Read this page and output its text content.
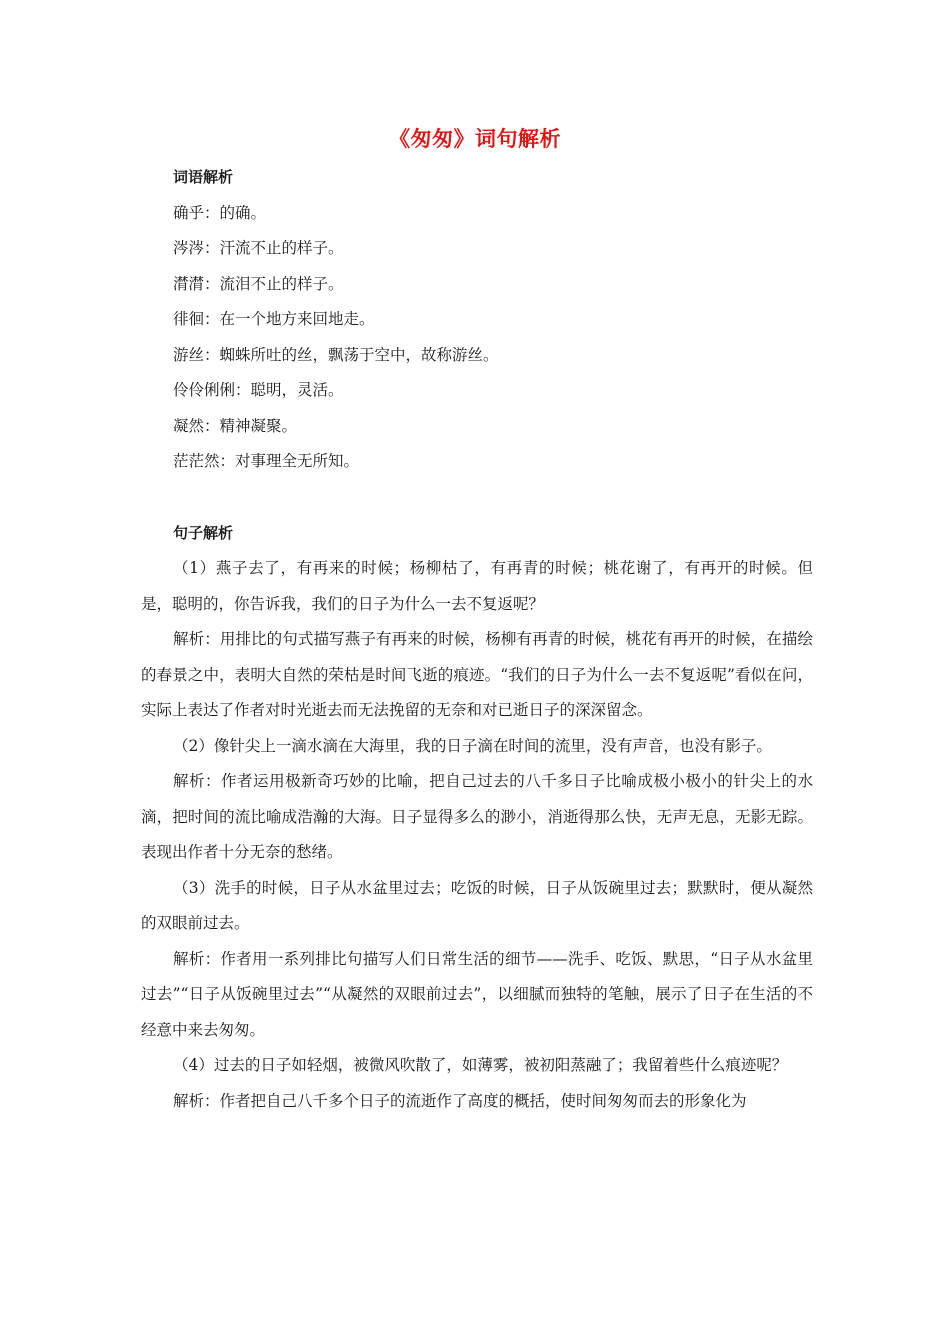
《匆匆》词句解析
词语解析
确乎：的确。
涔涔：汗流不止的样子。
潸潸：流泪不止的样子。
徘徊：在一个地方来回地走。
游丝：蜘蛛所吐的丝，飘荡于空中，故称游丝。
伶伶俐俐：聪明，灵活。
凝然：精神凝聚。
茫茫然：对事理全无所知。
句子解析
（1）燕子去了，有再来的时候；杨柳枯了，有再青的时候；桃花谢了，有再开的时候。但是，聪明的，你告诉我，我们的日子为什么一去不复返呢？
解析：用排比的句式描写燕子有再来的时候，杨柳有再青的时候，桃花有再开的时候，在描绘的春景之中，表明大自然的荣枯是时间飞逝的痕迹。“我们的日子为什么一去不复返呢”看似在问，实际上表达了作者对时光逝去而无法挽留的无奈和对已逝日子的深深留念。
（2）像针尖上一滴水滴在大海里，我的日子滴在时间的流里，没有声音，也没有影子。
解析：作者运用极新奇巧妙的比喻，把自己过去的八千多日子比喻成极小极小的针尖上的水滴，把时间的流比喻成浩瀚的大海。日子显得多么的渺小，消逝得那么快，无声无息，无影无踪。表现出作者十分无奈的愁绪。
（3）洗手的时候，日子从水盆里过去；吃饭的时候，日子从饭碗里过去；默默时，便从凝然的双眼前过去。
解析：作者用一系列排比句描写人们日常生活的细节——洗手、吃饭、默思，“日子从水盆里过去”“日子从饭碗里过去”“从凝然的双眼前过去”，以细腻而独特的笔触，展示了日子在生活的不经意中来去匆匆。
（4）过去的日子如轻烟，被微风吹散了，如薄雾，被初阳蒸融了；我留着些什么痕迹呢？
解析：作者把自己八千多个日子的流逝作了高度的概括，使时间匆匆而去的形象化为
